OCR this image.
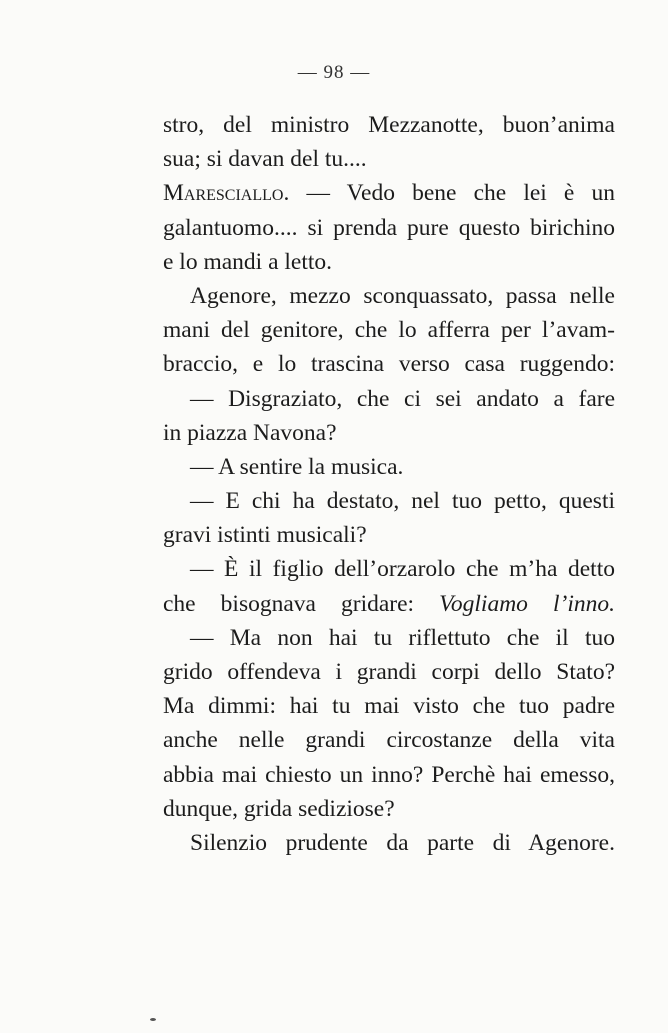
— 98 —
stro, del ministro Mezzanotte, buon’anima
sua; si davan del tu....
Maresciallo. — Vedo bene che lei è un
galantuomo.... si prenda pure questo birichino
e lo mandi a letto.
Agenore, mezzo sconquassato, passa nelle
mani del genitore, che lo afferra per l’avam-
braccio, e lo trascina verso casa ruggendo:
— Disgraziato, che ci sei andato a fare
in piazza Navona?
— A sentire la musica.
— E chi ha destato, nel tuo petto, questi
gravi istinti musicali?
— È il figlio dell’orzarolo che m’ha detto
che bisognava gridare: Vogliamo l’inno.
— Ma non hai tu riflettuto che il tuo
grido offendeva i grandi corpi dello Stato?
Ma dimmi: hai tu mai visto che tuo padre
anche nelle grandi circostanze della vita
abbia mai chiesto un inno? Perchè hai emesso,
dunque, grida sediziose?
Silenzio prudente da parte di Agenore.
